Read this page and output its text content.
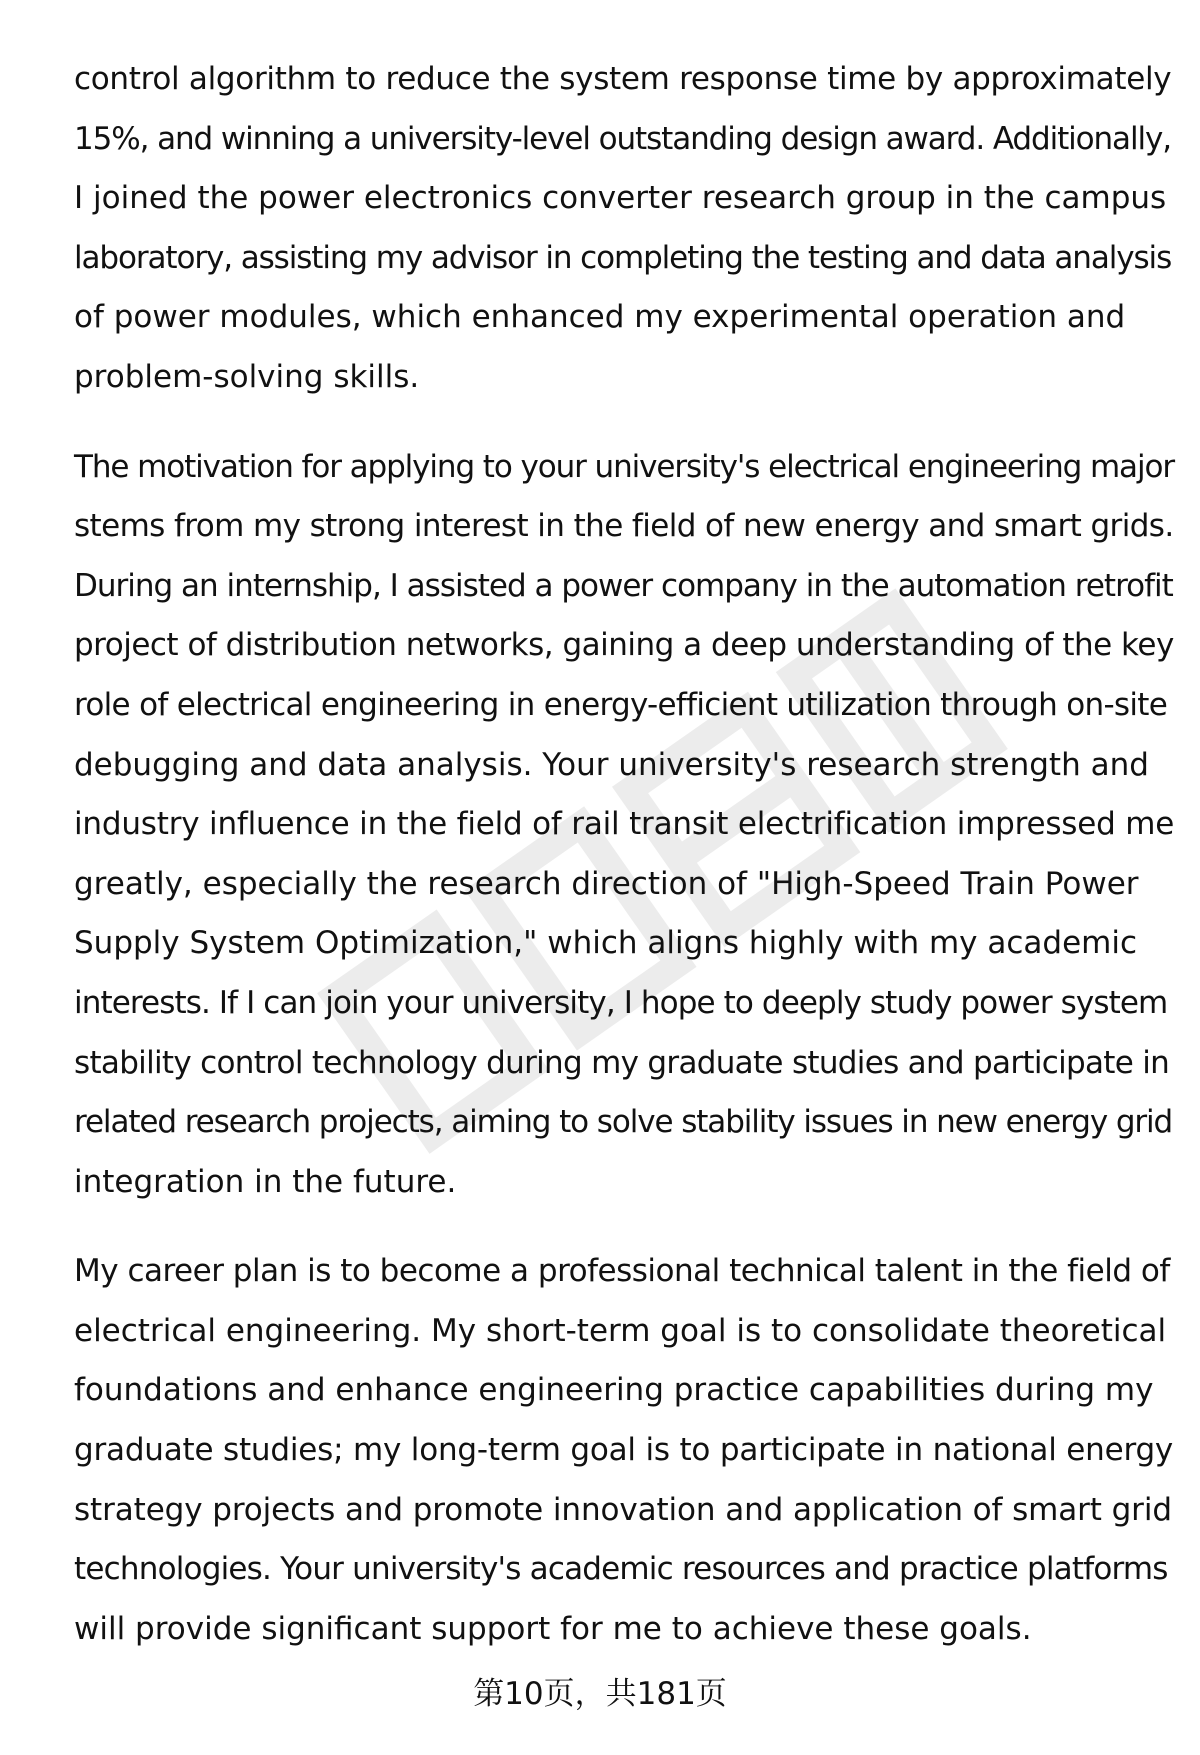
control algorithm to reduce the system response time by approximately
15%, and winning a university-level outstanding design award. Additionally,
I joined the power electronics converter research group in the campus
laboratory, assisting my advisor in completing the testing and data analysis
of power modules, which enhanced my experimental operation and
problem-solving skills.

The motivation for applying to your university's electrical engineering major
stems from my strong interest in the field of new energy and smart grids.
During an internship, I assisted a power company in the automation retrofit
project of distribution networks, gaining a deep understanding of the key
role of electrical engineering in energy-efficient utilization through on-site
debugging and data analysis. Your university's research strength and
industry influence in the field of rail transit electrification impressed me
greatly, especially the research direction of "High-Speed Train Power
Supply System Optimization," which aligns highly with my academic
interests. If I can join your university, I hope to deeply study power system
stability control technology during my graduate studies and participate in
related research projects, aiming to solve stability issues in new energy grid
integration in the future.

My career plan is to become a professional technical talent in the field of
electrical engineering. My short-term goal is to consolidate theoretical
foundations and enhance engineering practice capabilities during my
graduate studies; my long-term goal is to participate in national energy
strategy projects and promote innovation and application of smart grid
technologies. Your university's academic resources and practice platforms
will provide significant support for me to achieve these goals.

第10页，共181页
